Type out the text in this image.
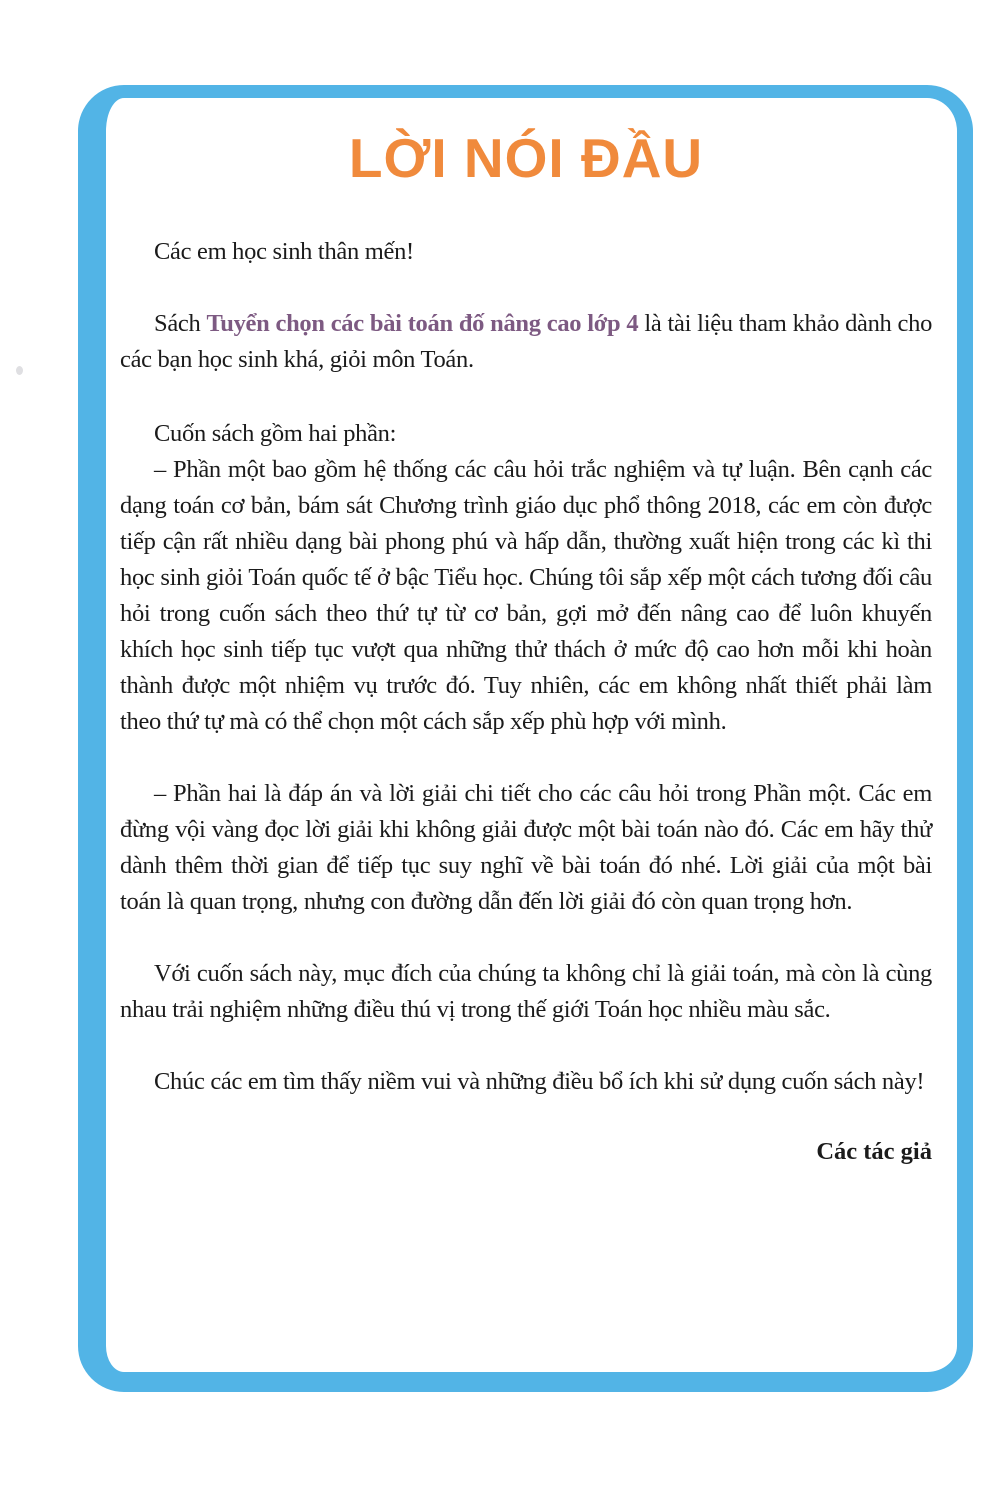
LỜI NÓI ĐẦU

Các em học sinh thân mến!

Sách Tuyển chọn các bài toán đố nâng cao lớp 4 là tài liệu tham khảo dành cho các bạn học sinh khá, giỏi môn Toán.

Cuốn sách gồm hai phần:

– Phần một bao gồm hệ thống các câu hỏi trắc nghiệm và tự luận. Bên cạnh các dạng toán cơ bản, bám sát Chương trình giáo dục phổ thông 2018, các em còn được tiếp cận rất nhiều dạng bài phong phú và hấp dẫn, thường xuất hiện trong các kì thi học sinh giỏi Toán quốc tế ở bậc Tiểu học. Chúng tôi sắp xếp một cách tương đối câu hỏi trong cuốn sách theo thứ tự từ cơ bản, gợi mở đến nâng cao để luôn khuyến khích học sinh tiếp tục vượt qua những thử thách ở mức độ cao hơn mỗi khi hoàn thành được một nhiệm vụ trước đó. Tuy nhiên, các em không nhất thiết phải làm theo thứ tự mà có thể chọn một cách sắp xếp phù hợp với mình.

– Phần hai là đáp án và lời giải chi tiết cho các câu hỏi trong Phần một. Các em đừng vội vàng đọc lời giải khi không giải được một bài toán nào đó. Các em hãy thử dành thêm thời gian để tiếp tục suy nghĩ về bài toán đó nhé. Lời giải của một bài toán là quan trọng, nhưng con đường dẫn đến lời giải đó còn quan trọng hơn.

Với cuốn sách này, mục đích của chúng ta không chỉ là giải toán, mà còn là cùng nhau trải nghiệm những điều thú vị trong thế giới Toán học nhiều màu sắc.

Chúc các em tìm thấy niềm vui và những điều bổ ích khi sử dụng cuốn sách này!

Các tác giả
